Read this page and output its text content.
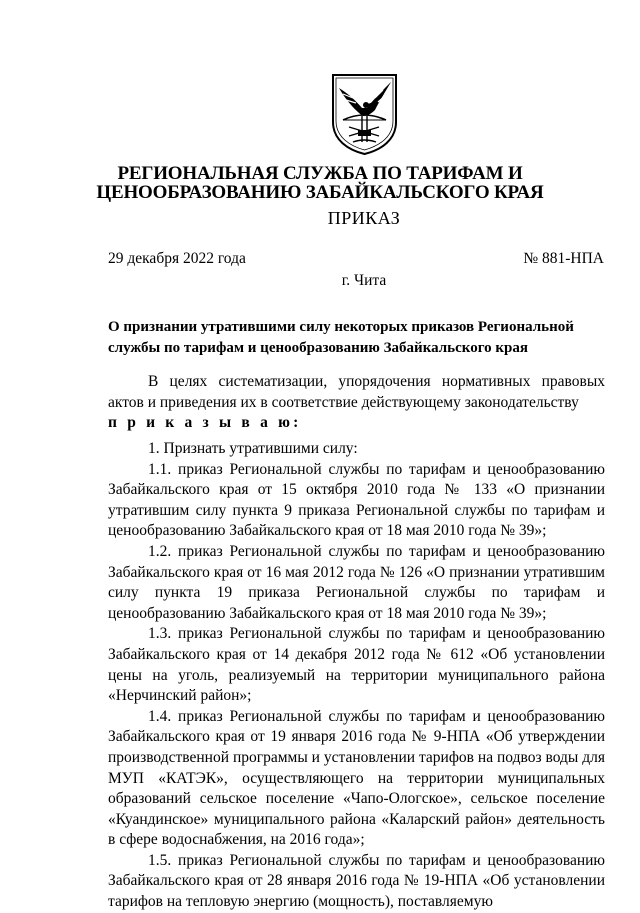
РЕГИОНАЛЬНАЯ СЛУЖБА ПО ТАРИФАМ И
ЦЕНООБРАЗОВАНИЮ ЗАБАЙКАЛЬСКОГО КРАЯ
ПРИКАЗ
29 декабря 2022 года	№ 881-НПА
г. Чита
О признании утратившими силу некоторых приказов Региональной службы по тарифам и ценообразованию Забайкальского края

В целях систематизации, упорядочения нормативных правовых актов и приведения их в соответствие действующему законодательству
п р и к а з ы в а ю:

1. Признать утратившими силу:

1.1. приказ Региональной службы по тарифам и ценообразованию Забайкальского края от 15 октября 2010 года № 133 «О признании утратившим силу пункта 9 приказа Региональной службы по тарифам и ценообразованию Забайкальского края от 18 мая 2010 года № 39»;

1.2. приказ Региональной службы по тарифам и ценообразованию Забайкальского края от 16 мая 2012 года № 126 «О признании утратившим силу пункта 19 приказа Региональной службы по тарифам и ценообразованию Забайкальского края от 18 мая 2010 года № 39»;

1.3. приказ Региональной службы по тарифам и ценообразованию Забайкальского края от 14 декабря 2012 года № 612 «Об установлении цены на уголь, реализуемый на территории муниципального района «Нерчинский район»;

1.4. приказ Региональной службы по тарифам и ценообразованию Забайкальского края от 19 января 2016 года № 9-НПА «Об утверждении производственной программы и установлении тарифов на подвоз воды для МУП «КАТЭК», осуществляющего на территории муниципальных образований сельское поселение «Чапо-Ологское», сельское поселение «Куандинское» муниципального района «Каларский район» деятельность в сфере водоснабжения, на 2016 года»;

1.5. приказ Региональной службы по тарифам и ценообразованию Забайкальского края от 28 января 2016 года № 19-НПА «Об установлении тарифов на тепловую энергию (мощность), поставляемую
